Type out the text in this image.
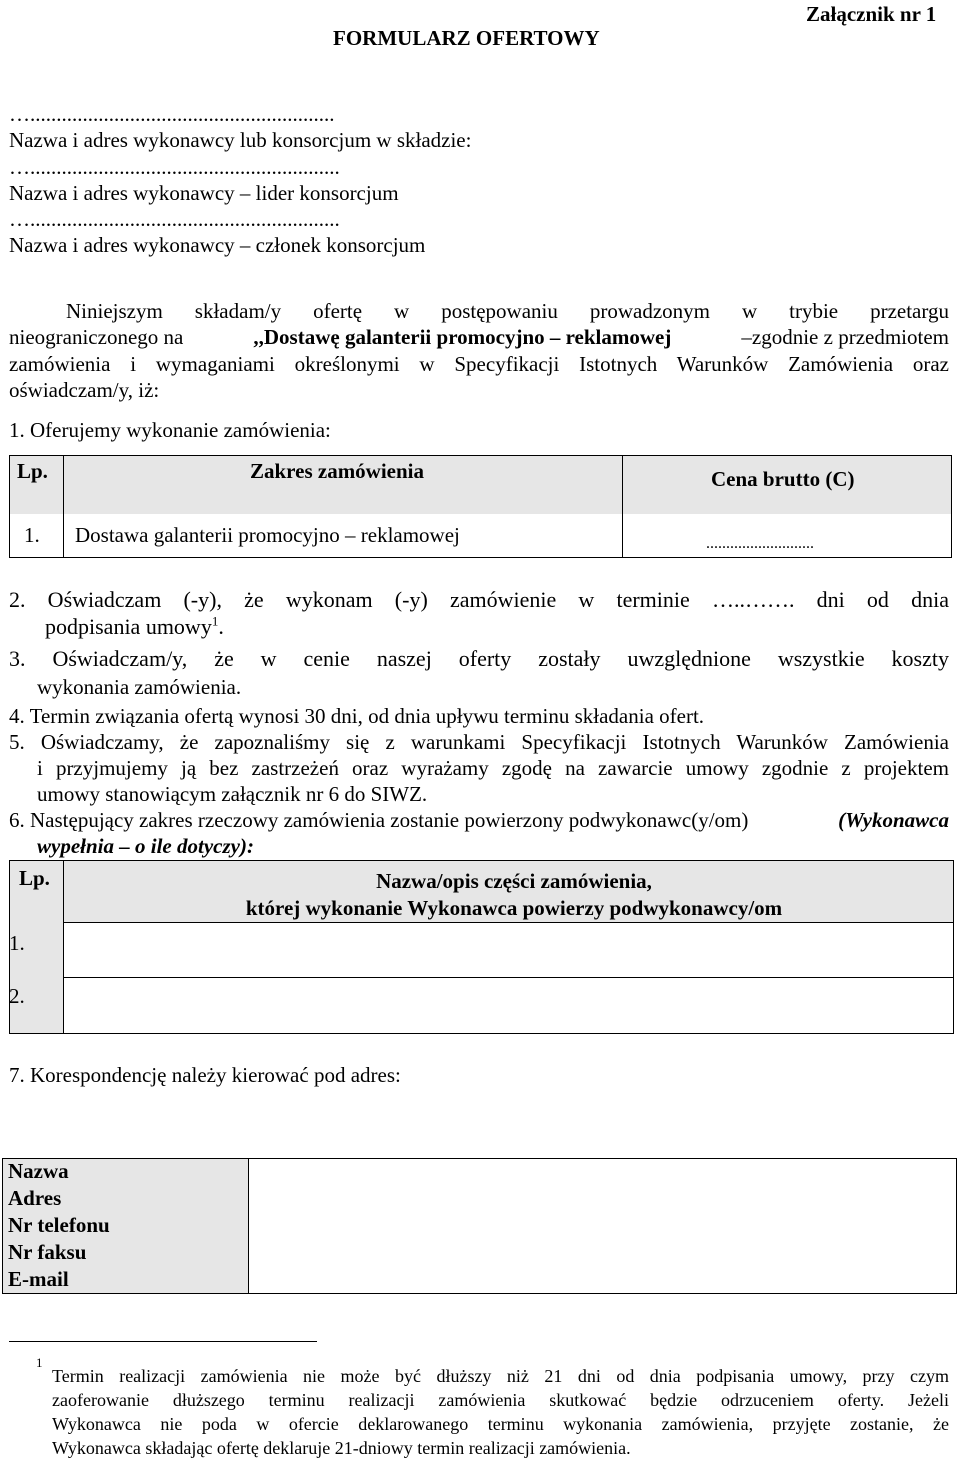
Załącznik nr 1
FORMULARZ OFERTOWY
…..........................................................
Nazwa i adres wykonawcy lub konsorcjum w składzie:
…...........................................................
Nazwa i adres wykonawcy – lider konsorcjum
…...........................................................
Nazwa i adres wykonawcy – członek konsorcjum
Niniejszym składam/y ofertę w postępowaniu prowadzonym w trybie przetargu
nieograniczonego na	,,Dostawę galanterii promocyjno – reklamowej	–zgodnie z przedmiotem
zamówienia i wymaganiami określonymi w Specyfikacji Istotnych Warunków Zamówienia oraz
oświadczam/y, iż:
1. Oferujemy wykonanie zamówienia:
Lp.	Zakres zamówienia	Cena brutto (C)
1. Dostawa galanterii promocyjno – reklamowej	...........................
2. Oświadczam (-y), że wykonam (-y) zamówienie w terminie …..……. dni od dnia
podpisania umowy$^1$.
3. Oświadczam/y, że w cenie naszej oferty zostały uwzględnione wszystkie koszty
wykonania zamówienia.
4. Termin związania ofertą wynosi 30 dni, od dnia upływu terminu składania ofert.
5. Oświadczamy, że zapoznaliśmy się z warunkami Specyfikacji Istotnych Warunków Zamówienia
i przyjmujemy ją bez zastrzeżeń oraz wyrażamy zgodę na zawarcie umowy zgodnie z projektem
umowy stanowiącym załącznik nr 6 do SIWZ.
6. Następujący zakres rzeczowy zamówienia zostanie powierzony podwykonawc(y/om)	(Wykonawca
wypełnia – o ile dotyczy):
Lp.	Nazwa/opis części zamówienia,
której wykonanie Wykonawca powierzy podwykonawcy/om
1.
2.
7. Korespondencję należy kierować pod adres:
Nazwa
Adres
Nr telefonu
Nr faksu
E-mail
1
Termin realizacji zamówienia nie może być dłuższy niż 21 dni od dnia podpisania umowy, przy czym
zaoferowanie dłuższego terminu realizacji zamówienia skutkować będzie odrzuceniem oferty. Jeżeli
Wykonawca nie poda w ofercie deklarowanego terminu wykonania zamówienia, przyjęte zostanie, że
Wykonawca składając ofertę deklaruje 21-dniowy termin realizacji zamówienia.
